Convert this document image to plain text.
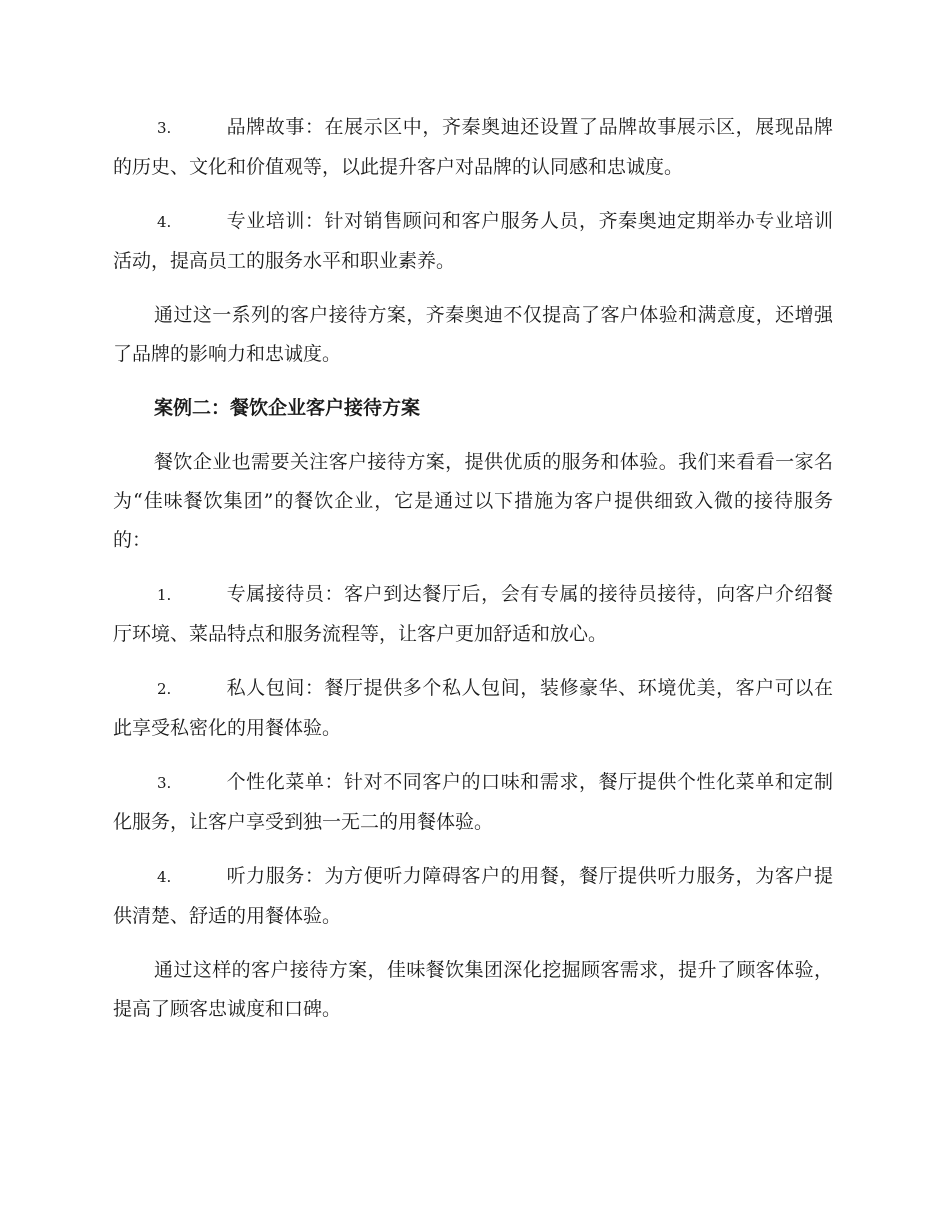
3.	品牌故事：在展示区中，齐秦奥迪还设置了品牌故事展示区，展现品牌的历史、文化和价值观等，以此提升客户对品牌的认同感和忠诚度。

4.	专业培训：针对销售顾问和客户服务人员，齐秦奥迪定期举办专业培训活动，提高员工的服务水平和职业素养。

通过这一系列的客户接待方案，齐秦奥迪不仅提高了客户体验和满意度，还增强了品牌的影响力和忠诚度。

案例二：餐饮企业客户接待方案

餐饮企业也需要关注客户接待方案，提供优质的服务和体验。我们来看看一家名为“佳味餐饮集团”的餐饮企业，它是通过以下措施为客户提供细致入微的接待服务的：

1.	专属接待员：客户到达餐厅后，会有专属的接待员接待，向客户介绍餐厅环境、菜品特点和服务流程等，让客户更加舒适和放心。

2.	私人包间：餐厅提供多个私人包间，装修豪华、环境优美，客户可以在此享受私密化的用餐体验。

3.	个性化菜单：针对不同客户的口味和需求，餐厅提供个性化菜单和定制化服务，让客户享受到独一无二的用餐体验。

4.	听力服务：为方便听力障碍客户的用餐，餐厅提供听力服务，为客户提供清楚、舒适的用餐体验。

通过这样的客户接待方案，佳味餐饮集团深化挖掘顾客需求，提升了顾客体验，提高了顾客忠诚度和口碑。
